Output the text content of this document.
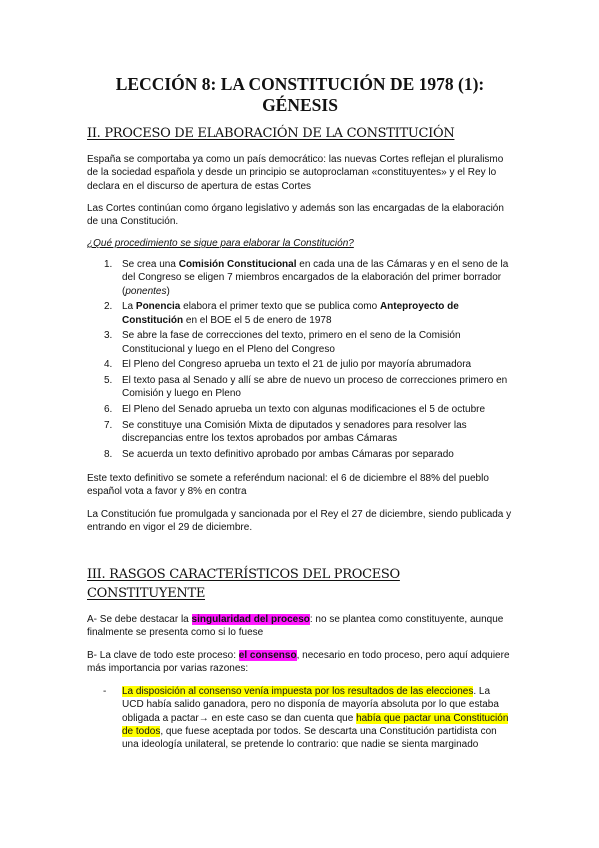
LECCIÓN 8: LA CONSTITUCIÓN DE 1978 (1):
GÉNESIS
II. PROCESO DE ELABORACIÓN DE LA CONSTITUCIÓN
España se comportaba ya como un país democrático: las nuevas Cortes reflejan el pluralismo de la sociedad española y desde un principio se autoproclaman «constituyentes» y el Rey lo declara en el discurso de apertura de estas Cortes
Las Cortes continúan como órgano legislativo y además son las encargadas de la elaboración de una Constitución.
¿Qué procedimiento se sigue para elaborar la Constitución?
1. Se crea una Comisión Constitucional en cada una de las Cámaras y en el seno de la del Congreso se eligen 7 miembros encargados de la elaboración del primer borrador (ponentes)
2. La Ponencia elabora el primer texto que se publica como Anteproyecto de Constitución en el BOE el 5 de enero de 1978
3. Se abre la fase de correcciones del texto, primero en el seno de la Comisión Constitucional y luego en el Pleno del Congreso
4. El Pleno del Congreso aprueba un texto el 21 de julio por mayoría abrumadora
5. El texto pasa al Senado y allí se abre de nuevo un proceso de correcciones primero en Comisión y luego en Pleno
6. El Pleno del Senado aprueba un texto con algunas modificaciones el 5 de octubre
7. Se constituye una Comisión Mixta de diputados y senadores para resolver las discrepancias entre los textos aprobados por ambas Cámaras
8. Se acuerda un texto definitivo aprobado por ambas Cámaras por separado
Este texto definitivo se somete a referéndum nacional: el 6 de diciembre el 88% del pueblo español vota a favor y 8% en contra
La Constitución fue promulgada y sancionada por el Rey el 27 de diciembre, siendo publicada y entrando en vigor el 29 de diciembre.
III. RASGOS CARACTERÍSTICOS DEL PROCESO CONSTITUYENTE
A- Se debe destacar la singularidad del proceso: no se plantea como constituyente, aunque finalmente se presenta como si lo fuese
B- La clave de todo este proceso: el consenso, necesario en todo proceso, pero aquí adquiere más importancia por varias razones:
- La disposición al consenso venía impuesta por los resultados de las elecciones. La UCD había salido ganadora, pero no disponía de mayoría absoluta por lo que estaba obligada a pactar→ en este caso se dan cuenta que había que pactar una Constitución de todos, que fuese aceptada por todos. Se descarta una Constitución partidista con una ideología unilateral, se pretende lo contrario: que nadie se sienta marginado
